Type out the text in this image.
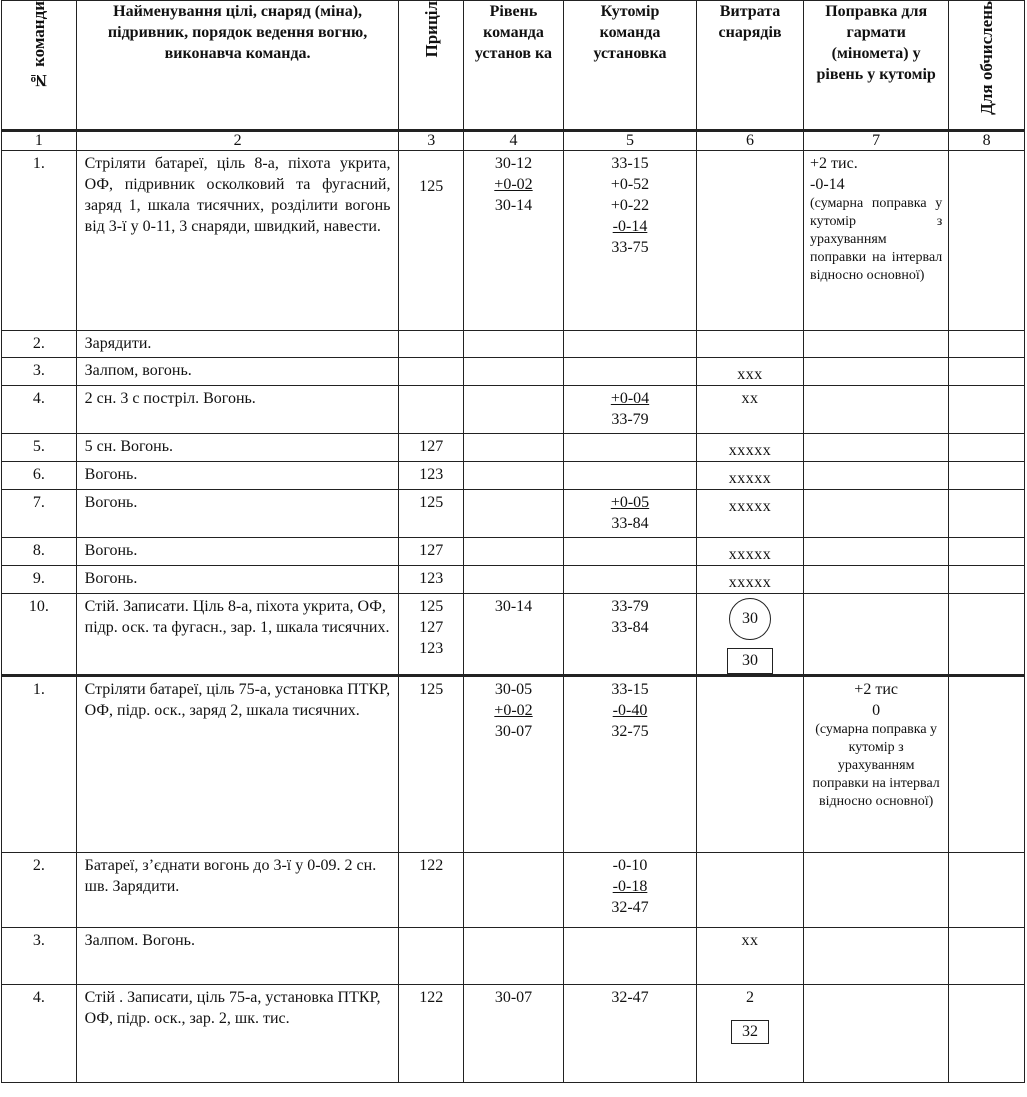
№ команди	Найменування цілі, снаряд (міна), підривник, порядок ведення вогню, виконавча команда.	Приціл	Рівень команда установ ка	Кутомір команда установка	Витрата снарядів	Поправка для гармати (міномета) у рівень у кутомір	Для обчислень
1	2	3	4	5	6	7	8
1.	Стріляти батареї, ціль 8-а, піхота укрита, ОФ, підривник осколковий та фугасний, заряд 1, шкала тисячних, розділити вогонь від 3-ї у 0-11, 3 снаряди, швидкий, навести.	125	30-12
+0-02
30-14	33-15
+0-52
+0-22
-0-14
33-75		+2 тис.
-0-14
(сумарна поправка у кутомір з урахуванням поправки на інтервал відносно основної)	

2.	Зарядити.						
3.	Залпом, вогонь.				ххх		
4.	2 сн. 3 с постріл. Вогонь.			+0-04
33-79	хх		
5.	5 сн. Вогонь.	127			ххххх		
6.	Вогонь.	123			ххххх		
7.	Вогонь.	125		+0-05
33-84	ххххх		
8.	Вогонь.	127			ххххх		
9.	Вогонь.	123			ххххх		
10.	Стій. Записати. Ціль 8-а, піхота укрита, ОФ, підр. оск. та фугасн., зар. 1, шкала тисячних.	125
127
123	30-14	33-79
33-84	30
30		
1.	Стріляти батареї, ціль 75-а, установка ПТКР, ОФ, підр. оск., заряд 2, шкала тисячних.	125	30-05
+0-02
30-07	33-15
-0-40
32-75		+2 тис
0
(сумарна поправка у кутомір з урахуванням поправки на інтервал відносно основної)	

2.	Батареї, з’єднати вогонь до 3-ї у 0-09. 2 сн. шв. Зарядити.	122		-0-10
-0-18
32-47			

3.	Залпом. Вогонь.				хх		
4.	Стій . Записати, ціль 75-а, установка ПТКР, ОФ, підр. оск., зар. 2, шк. тис.	122	30-07	32-47	2
32		
